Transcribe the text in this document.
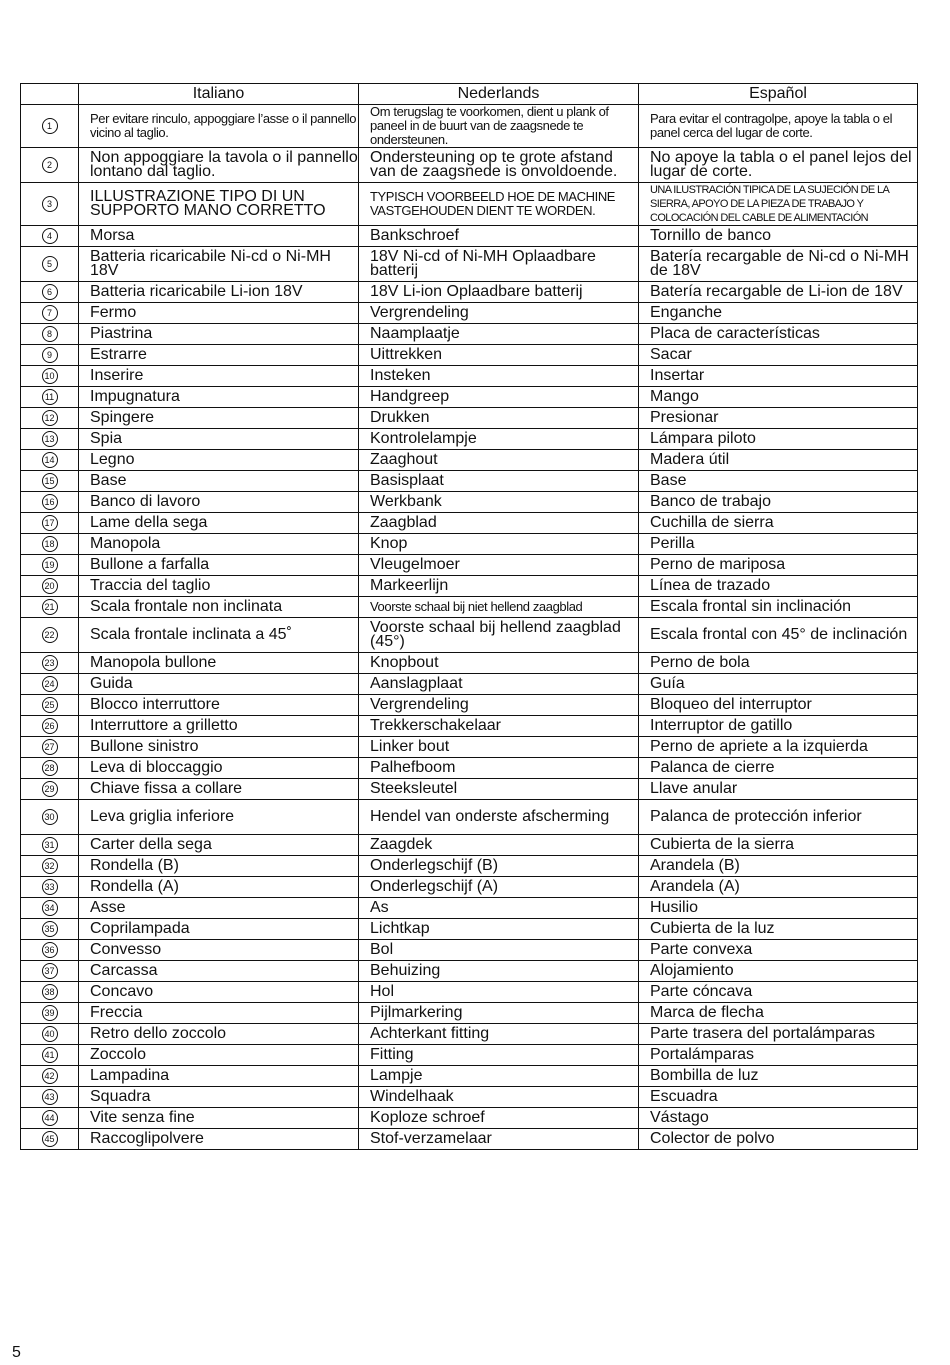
	Italiano	Nederlands	Español
1	Per evitare rinculo, appoggiare l’asse o il pannello vicino al taglio.	Om terugslag te voorkomen, dient u plank of paneel in de buurt van de zaagsnede te ondersteunen.	Para evitar el contragolpe, apoye la tabla o el panel cerca del lugar de corte.
2	Non appoggiare la tavola o il pannello lontano dal taglio.	Ondersteuning op te grote afstand van de zaagsnede is onvoldoende.	No apoye la tabla o el panel lejos del lugar de corte.
3	ILLUSTRAZIONE TIPO DI UN SUPPORTO MANO CORRETTO	TYPISCH VOORBEELD HOE DE MACHINE VASTGEHOUDEN DIENT TE WORDEN.	UNA ILUSTRACIÓN TIPICA DE LA SUJECIÓN DE LA SIERRA, APOYO DE LA PIEZA DE TRABAJO Y COLOCACIÓN DEL CABLE DE ALIMENTACIÓN
4	Morsa	Bankschroef	Tornillo de banco
5	Batteria ricaricabile Ni-cd o Ni-MH 18V	18V Ni-cd of Ni-MH Oplaadbare batterij	Batería recargable de Ni-cd o Ni-MH de 18V
6	Batteria ricaricabile Li-ion 18V	18V Li-ion Oplaadbare batterij	Batería recargable de Li-ion de 18V
7	Fermo	Vergrendeling	Enganche
8	Piastrina	Naamplaatje	Placa de características
9	Estrarre	Uittrekken	Sacar
10	Inserire	Insteken	Insertar
11	Impugnatura	Handgreep	Mango
12	Spingere	Drukken	Presionar
13	Spia	Kontrolelampje	Lámpara piloto
14	Legno	Zaaghout	Madera útil
15	Base	Basisplaat	Base
16	Banco di lavoro	Werkbank	Banco de trabajo
17	Lame della sega	Zaagblad	Cuchilla de sierra
18	Manopola	Knop	Perilla
19	Bullone a farfalla	Vleugelmoer	Perno de mariposa
20	Traccia del taglio	Markeerlijn	Línea de trazado
21	Scala frontale non inclinata	Voorste schaal bij niet hellend zaagblad	Escala frontal sin inclinación
22	Scala frontale inclinata a 45˚	Voorste schaal bij hellend zaagblad (45°)	Escala frontal con 45° de inclinación
23	Manopola bullone	Knopbout	Perno de bola
24	Guida	Aanslagplaat	Guía
25	Blocco interruttore	Vergrendeling	Bloqueo del interruptor
26	Interruttore a grilletto	Trekkerschakelaar	Interruptor de gatillo
27	Bullone sinistro	Linker bout	Perno de apriete a la izquierda
28	Leva di bloccaggio	Palhefboom	Palanca de cierre
29	Chiave fissa a collare	Steeksleutel	Llave anular
30	Leva griglia inferiore	Hendel van onderste afscherming	Palanca de protección inferior
31	Carter della sega	Zaagdek	Cubierta de la sierra
32	Rondella (B)	Onderlegschijf (B)	Arandela (B)
33	Rondella (A)	Onderlegschijf (A)	Arandela (A)
34	Asse	As	Husilio
35	Coprilampada	Lichtkap	Cubierta de la luz
36	Convesso	Bol	Parte convexa
37	Carcassa	Behuizing	Alojamiento
38	Concavo	Hol	Parte cóncava
39	Freccia	Pijlmarkering	Marca de flecha
40	Retro dello zoccolo	Achterkant fitting	Parte trasera del portalámparas
41	Zoccolo	Fitting	Portalámparas
42	Lampadina	Lampje	Bombilla de luz
43	Squadra	Windelhaak	Escuadra
44	Vite senza fine	Koploze schroef	Vástago
45	Raccoglipolvere	Stof-verzamelaar	Colector de polvo
5
